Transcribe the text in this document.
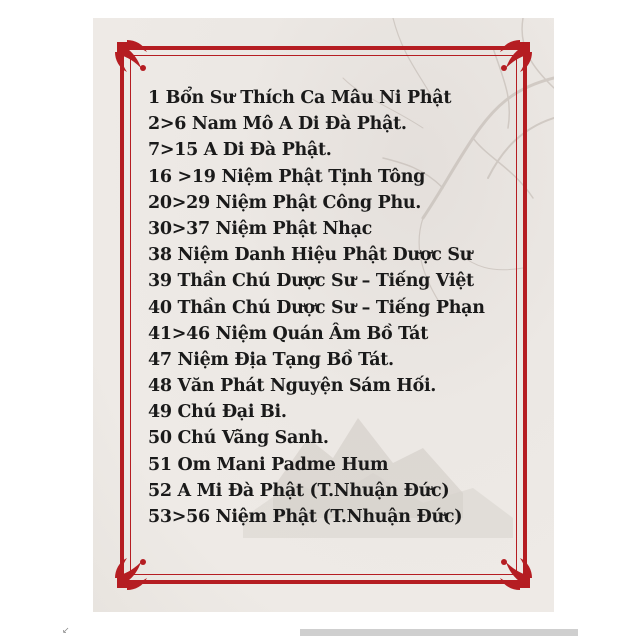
1 Bổn Sư Thích Ca Mâu Ni Phật
2>6 Nam Mô A Di Đà Phật.
7>15 A Di Đà Phật.
16 >19 Niệm Phật Tịnh Tông
20>29 Niệm Phật Công Phu.
30>37 Niệm Phật Nhạc
38 Niệm Danh Hiệu Phật Dược Sư
39 Thần Chú Dược Sư – Tiếng Việt
40 Thần Chú Dược Sư – Tiếng Phạn
41>46 Niệm Quán Âm Bồ Tát
47 Niệm Địa Tạng Bồ Tát.
48 Văn Phát Nguyện Sám Hối.
49 Chú Đại Bi.
50 Chú Vãng Sanh.
51 Om Mani Padme Hum
52 A Mi Đà Phật (T.Nhuận Đức)
53>56 Niệm Phật (T.Nhuận Đức)
↙
